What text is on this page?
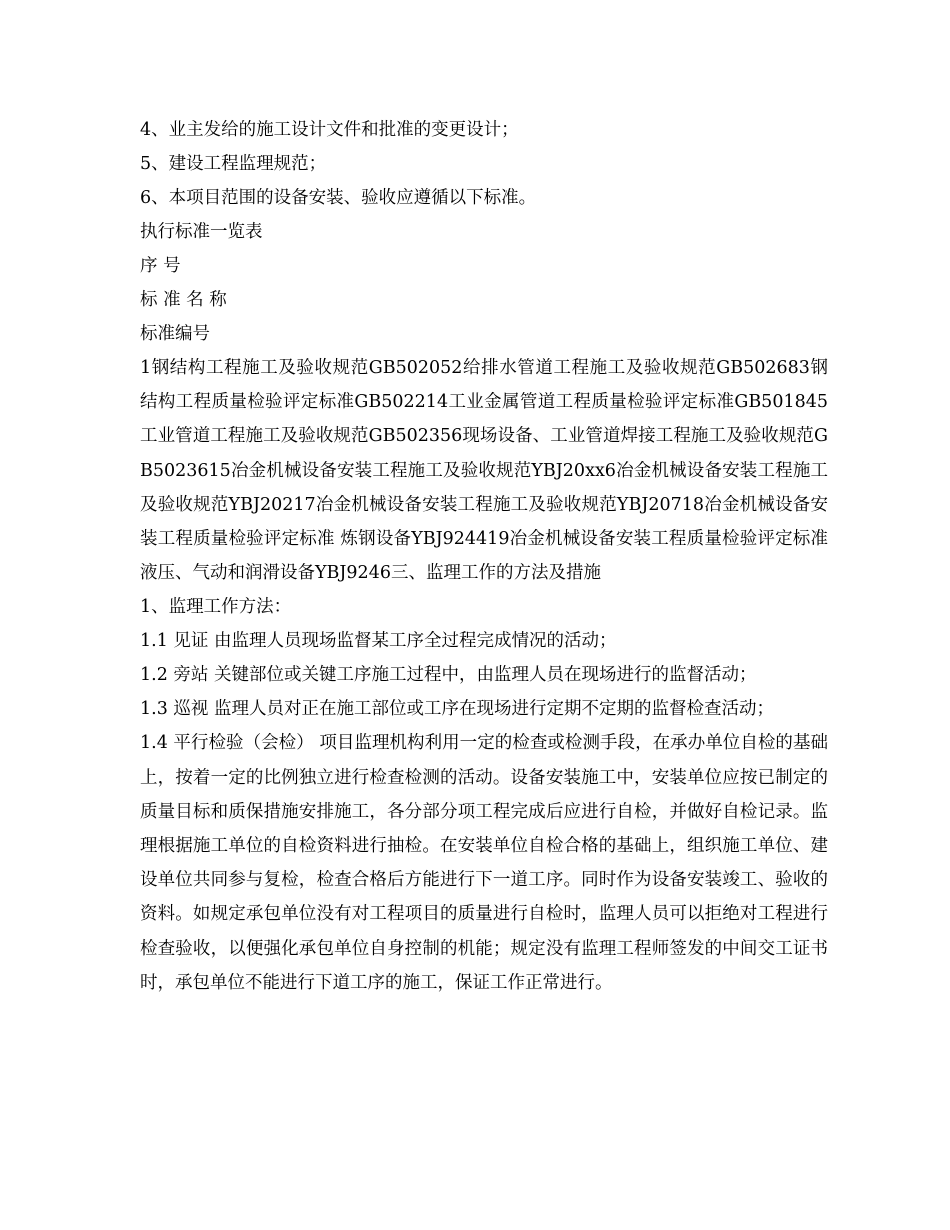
4、业主发给的施工设计文件和批准的变更设计；
5、建设工程监理规范；
6、本项目范围的设备安装、验收应遵循以下标准。
执行标准一览表
序 号
标 准 名 称
标准编号

1钢结构工程施工及验收规范GB502052给排水管道工程施工及验收规范GB502683钢结构工程质量检验评定标准GB502214工业金属管道工程质量检验评定标准GB501845工业管道工程施工及验收规范GB502356现场设备、工业管道焊接工程施工及验收规范GB5023615冶金机械设备安装工程施工及验收规范YBJ20xx6冶金机械设备安装工程施工及验收规范YBJ20217冶金机械设备安装工程施工及验收规范YBJ20718冶金机械设备安装工程质量检验评定标准 炼钢设备YBJ924419冶金机械设备安装工程质量检验评定标准 液压、气动和润滑设备YBJ9246三、监理工作的方法及措施

1、监理工作方法：
1.1 见证 由监理人员现场监督某工序全过程完成情况的活动；
1.2 旁站 关键部位或关键工序施工过程中，由监理人员在现场进行的监督活动；
1.3 巡视 监理人员对正在施工部位或工序在现场进行定期不定期的监督检查活动；

1.4 平行检验（会检） 项目监理机构利用一定的检查或检测手段，在承办单位自检的基础上，按着一定的比例独立进行检查检测的活动。设备安装施工中，安装单位应按已制定的质量目标和质保措施安排施工，各分部分项工程完成后应进行自检，并做好自检记录。监理根据施工单位的自检资料进行抽检。在安装单位自检合格的基础上，组织施工单位、建设单位共同参与复检，检查合格后方能进行下一道工序。同时作为设备安装竣工、验收的资料。如规定承包单位没有对工程项目的质量进行自检时，监理人员可以拒绝对工程进行检查验收，以便强化承包单位自身控制的机能；规定没有监理工程师签发的中间交工证书时，承包单位不能进行下道工序的施工，保证工作正常进行。
